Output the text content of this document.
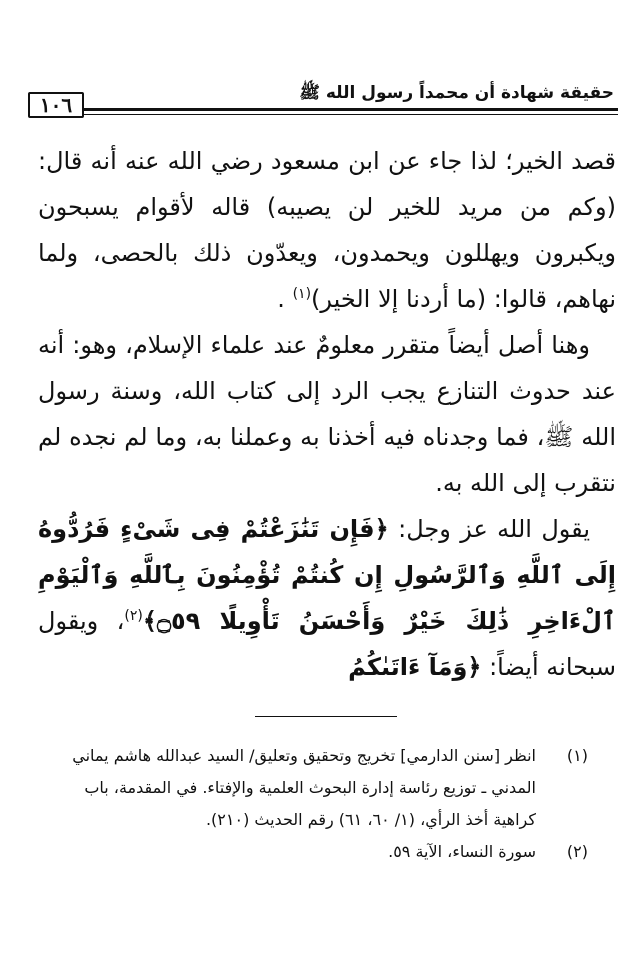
١٠٦	حقيقة شهادة أن محمداً رسول الله ﷺ

قصد الخير؛ لذا جاء عن ابن مسعود رضي الله عنه أنه قال: (وكم من مريد للخير لن يصيبه) قاله لأقوام يسبحون ويكبرون ويهللون ويحمدون، ويعدّون ذلك بالحصى، ولما نهاهم، قالوا: (ما أردنا إلا الخير)$^{(١)}$ .

وهنا أصل أيضاً متقرر معلومٌ عند علماء الإسلام، وهو: أنه عند حدوث التنازع يجب الرد إلى كتاب الله، وسنة رسول الله ﷺ، فما وجدناه فيه أخذنا به وعملنا به، وما لم نجده لم نتقرب إلى الله به.

يقول الله عز وجل: ﴿فَإِن تَنَٰزَعْتُمْ فِى شَىْءٍ فَرُدُّوهُ إِلَى ٱللَّهِ وَٱلرَّسُولِ إِن كُنتُمْ تُؤْمِنُونَ بِٱللَّهِ وَٱلْيَوْمِ ٱلْءَاخِرِ ذَٰلِكَ خَيْرٌ وَأَحْسَنُ تَأْوِيلًا ۝٥٩﴾$^{(٢)}$، ويقول سبحانه أيضاً: ﴿وَمَآ ءَاتَىٰكُمُ

(١)
انظر [سنن الدارمي] تخريج وتحقيق وتعليق/ السيد عبدالله هاشم يماني المدني ـ توزيع رئاسة إدارة البحوث العلمية والإفتاء. في المقدمة، باب كراهية أخذ الرأي، (١/ ٦٠، ٦١) رقم الحديث (٢١٠).
(٢)
سورة النساء، الآية ٥٩.
